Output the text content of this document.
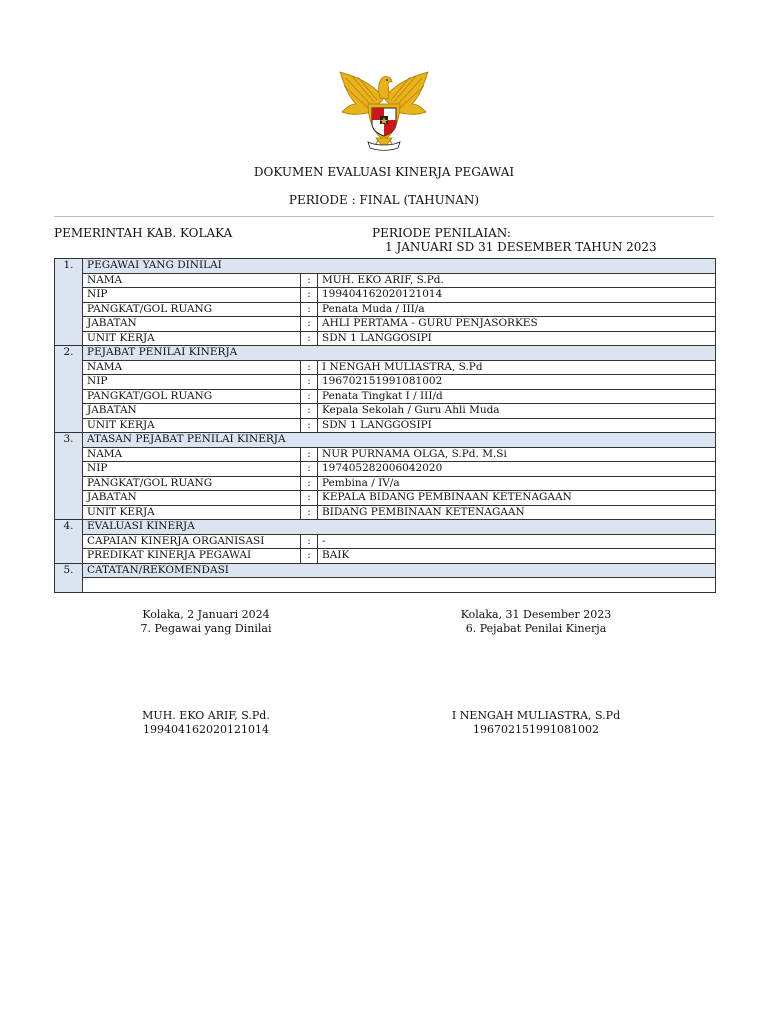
DOKUMEN EVALUASI KINERJA PEGAWAI
PERIODE : FINAL (TAHUNAN)
PEMERINTAH KAB. KOLAKA	PERIODE PENILAIAN:
1 JANUARI SD 31 DESEMBER TAHUN 2023
1.	PEGAWAI YANG DINILAI		
	NAMA	:	MUH. EKO ARIF, S.Pd.
	NIP	:	199404162020121014
	PANGKAT/GOL RUANG	:	Penata Muda / III/a
	JABATAN	:	AHLI PERTAMA - GURU PENJASORKES
	UNIT KERJA	:	SDN 1 LANGGOSIPI
2.	PEJABAT PENILAI KINERJA		
	NAMA	:	I NENGAH MULIASTRA, S.Pd
	NIP	:	196702151991081002
	PANGKAT/GOL RUANG	:	Penata Tingkat I / III/d
	JABATAN	:	Kepala Sekolah / Guru Ahli Muda
	UNIT KERJA	:	SDN 1 LANGGOSIPI
3.	ATASAN PEJABAT PENILAI KINERJA		
	NAMA	:	NUR PURNAMA OLGA, S.Pd. M.Si
	NIP	:	197405282006042020
	PANGKAT/GOL RUANG	:	Pembina / IV/a
	JABATAN	:	KEPALA BIDANG PEMBINAAN KETENAGAAN
	UNIT KERJA	:	BIDANG PEMBINAAN KETENAGAAN
4.	EVALUASI KINERJA		
	CAPAIAN KINERJA ORGANISASI	:	-
	PREDIKAT KINERJA PEGAWAI	:	BAIK
5.	CATATAN/REKOMENDASI		

Kolaka, 2 Januari 2024
7. Pegawai yang Dinilai
Kolaka, 31 Desember 2023
6. Pejabat Penilai Kinerja
MUH. EKO ARIF, S.Pd.
199404162020121014
I NENGAH MULIASTRA, S.Pd
196702151991081002
